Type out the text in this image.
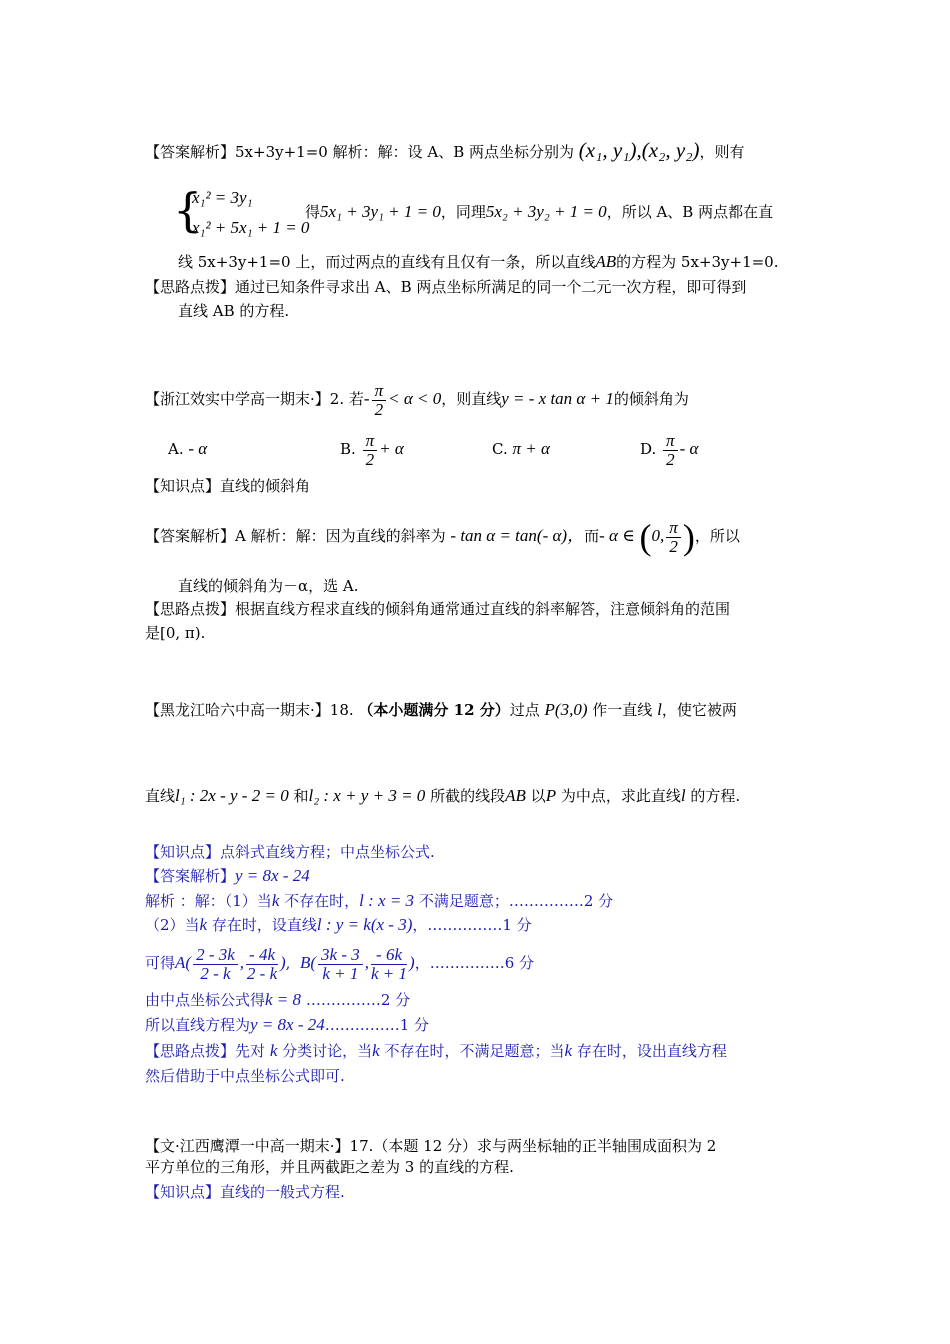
【答案解析】5x+3y+1=0 解析：解：设 A、B 两点坐标分别为 (x₁, y₁),(x₂, y₂)，则有
{
x₁² = 3y₁
x₁² + 5x₁ + 1 = 0
得5x₁ + 3y₁ + 1 = 0，同理5x₂ + 3y₂ + 1 = 0，所以 A、B 两点都在直
线 5x+3y+1=0 上，而过两点的直线有且仅有一条，所以直线AB的方程为 5x+3y+1=0.
【思路点拨】通过已知条件寻求出 A、B 两点坐标所满足的同一个二元一次方程，即可得到
直线 AB 的方程.
【浙江效实中学高一期末·】2. 若- $\frac{\pi}{2} < \alpha < 0$，则直线y = - x tan α + 1的倾斜角为
A. - α	B. $\frac{\pi}{2} + \alpha$	C. π + α	D. $\frac{\pi}{2}$ - α
【知识点】直线的倾斜角
【答案解析】A 解析：解：因为直线的斜率为 - tan α = tan(- α)，而- α ∈ (0, $\frac{\pi}{2}$ )，所以
直线的倾斜角为－α，选 A.
【思路点拨】根据直线方程求直线的倾斜角通常通过直线的斜率解答，注意倾斜角的范围
是[0, π).
【黑龙江哈六中高一期末·】18. （本小题满分 12 分）过点 P(3,0) 作一直线 l，使它被两
直线l₁ : 2x - y - 2 = 0 和l₂ : x + y + 3 = 0 所截的线段AB 以P 为中点，求此直线l 的方程.
【知识点】点斜式直线方程；中点坐标公式.
【答案解析】y = 8x - 24
解析 ：解：（1）当k 不存在时，l : x = 3 不满足题意；……………2 分
（2）当k 存在时，设直线l : y = k(x - 3)，……………1 分
可得$A( \frac{2 - 3k}{2 - k}$ , $\frac{- 4k}{2 - k}$ ),  $B( \frac{3k - 3}{k + 1}$ , $\frac{- 6k}{k + 1}$ )，……………6 分
由中点坐标公式得k = 8 ……………2 分
所以直线方程为y = 8x - 24……………1 分
【思路点拨】先对 k 分类讨论，当k 不存在时，不满足题意；当k 存在时，设出直线方程
然后借助于中点坐标公式即可.
【文·江西鹰潭一中高一期末·】17.（本题 12 分）求与两坐标轴的正半轴围成面积为 2
平方单位的三角形，并且两截距之差为 3 的直线的方程.
【知识点】直线的一般式方程.
